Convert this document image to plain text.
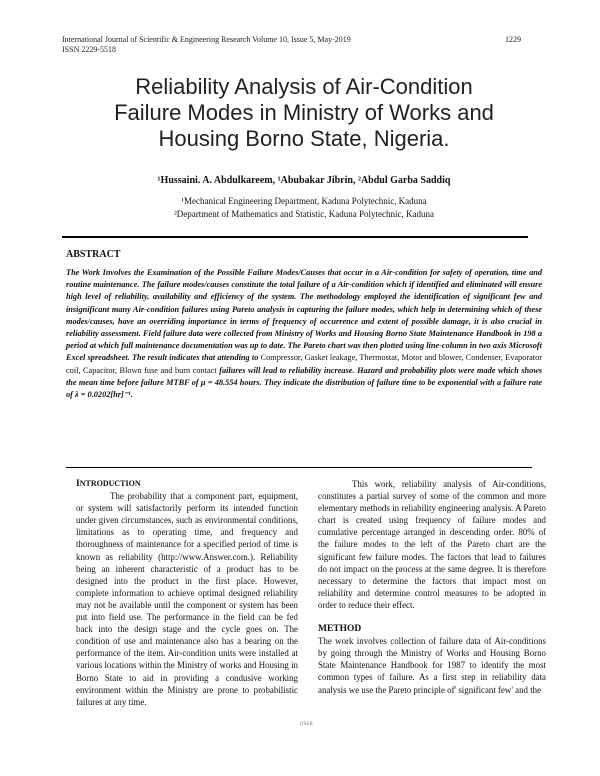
International Journal of Scientific & Engineering Research Volume 10, Issue 5, May-2019
ISSN 2229-5518
1229
Reliability Analysis of Air-Condition
Failure Modes in Ministry of Works and
Housing Borno State, Nigeria.
¹Hussaini. A. Abdulkareem, ¹Abubakar Jibrin, ²Abdul Garba Saddiq
¹Mechanical Engineering Department, Kaduna Polytechnic, Kaduna
²Department of Mathematics and Statistic, Kaduna Polytechnic, Kaduna
ABSTRACT
The Work Involves the Examination of the Possible Failure Modes/Causes that occur in a Air-condition for safety of operation, time and routine maintenance. The failure modes/causes constitute the total failure of a Air-condition which if identified and eliminated will ensure high level of reliability, availability and efficiency of the system. The methodology employed the identification of significant few and insignificant many Air-condition failures using Pareto analysis in capturing the failure modes, which help in determining which of these modes/causes, have an overriding importance in terms of frequency of occurrence and extent of possible damage, it is also crucial in reliability assessment. Field failure data were collected from Ministry of Works and Housing Borno State Maintenance Handbook in 198 a period at which full maintenance documentation was up to date. The Pareto chart was then plotted using line-column in two axis Microsoft Excel spreadsheet. The result indicates that attending to Compressor, Gasket leakage, Thermostat, Motor and blower, Condenser, Evaporator coil, Capacitor, Blown fuse and burn contact failures will lead to reliability increase. Hazard and probability plots were made which shows the mean time before failure MTBF of μ = 48.554 hours. They indicate the distribution of failure time to be exponential with a failure rate of λ = 0.0202[hr]⁻¹.
INTRODUCTION
The probability that a component part, equipment, or system will satisfactorily perform its intended function under given circumstances, such as environmental conditions, limitations as to operating time, and frequency and thoroughness of maintenance for a specified period of time is known as reliability (http://www.Answer.com.). Reliability being an inherent characteristic of a product has to be designed into the product in the first place. However, complete information to achieve optimal designed reliability may not be available until the component or system has been put into field use. The performance in the field can be fed back into the design stage and the cycle goes on. The condition of use and maintenance also has a bearing on the performance of the item. Air-condition units were installed at various locations within the Ministry of works and Housing in Borno State to aid in providing a condusive working environment within the Ministry are prone to probabilistic failures at any time.
This work, reliability analysis of Air-conditions, constitutes a partial survey of some of the common and more elementary methods in reliability engineering analysis. A Pareto chart is created using frequency of failure modes and cumulative percentage arranged in descending order. 80% of the failure modes to the left of the Pareto chart are the significant few failure modes. The factors that lead to failures do not impact on the process at the same degree. It is therefore necessary to determine the factors that impact most on reliability and determine control measures to be adopted in order to reduce their effect.
METHOD
The work involves collection of failure data of Air-conditions by going through the Ministry of Works and Housing Borno State Maintenance Handbook for 1987 to identify the most common types of failure. As a first step in reliability data analysis we use the Pareto principle of' significant few' and the
IJSER
